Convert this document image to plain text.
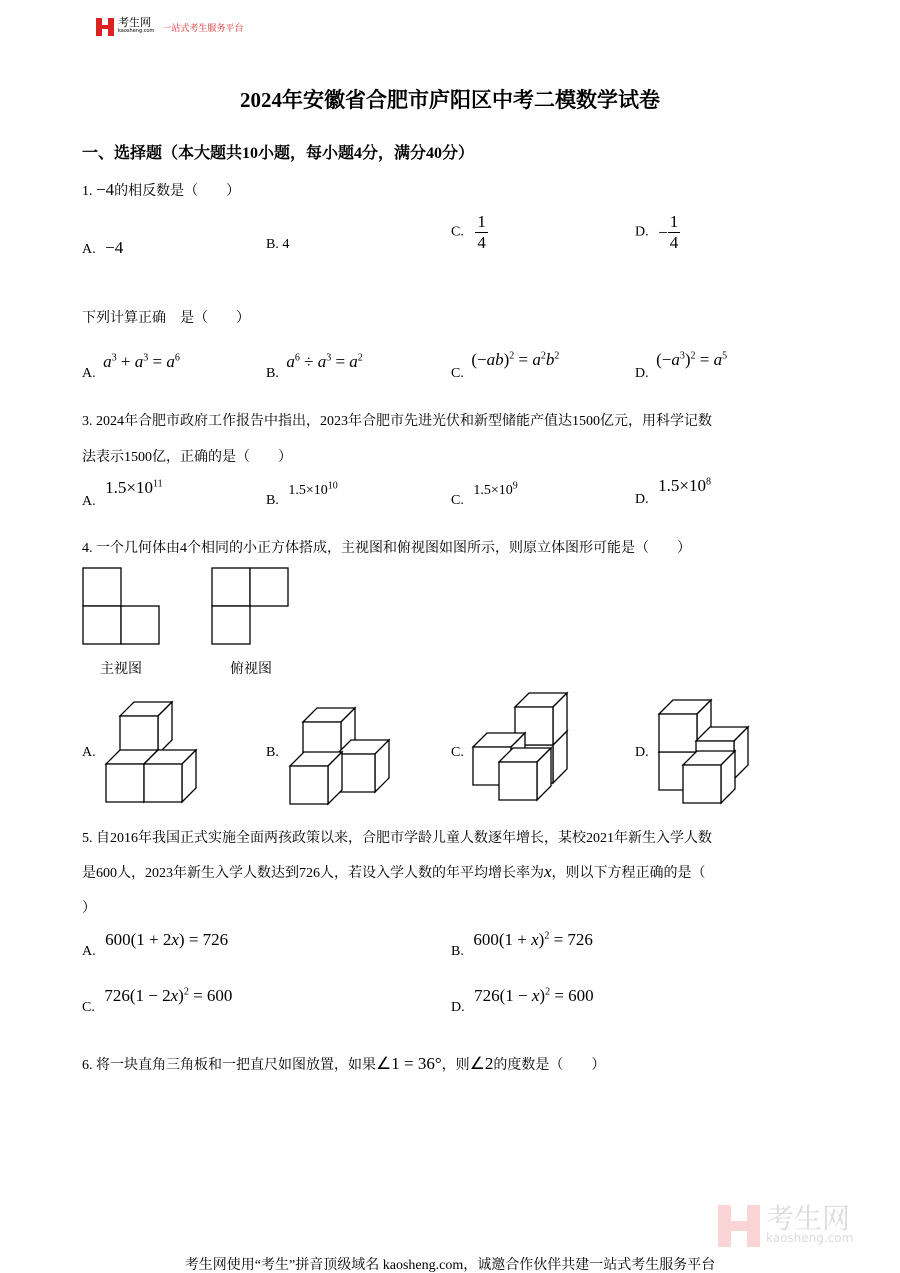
考生网
kaosheng.com 一站式考生服务平台
2024年安徽省合肥市庐阳区中考二模数学试卷
一、选择题（本大题共10小题，每小题4分，满分40分）
1. −4的相反数是（　　）
A. −4	B. 4
C. $\frac{1}{4}$	D. − $\frac{1}{4}$
下列计算正确　是（　　）
A. $a^3 + a^3 = a^6$
B. $a^6 \div a^3 = a^2$
C. $(-ab)^2 = a^2b^2$
D. $(-a^3)^2 = a^5$
3. 2024年合肥市政府工作报告中指出，2023年合肥市先进光伏和新型储能产值达1500亿元，用科学记数
法表示1500亿，正确的是（　　）
A. $1.5\times 10^{11}$
B. $1.5\times 10^{10}$
C. $1.5\times 10^9$
D. $1.5\times 10^8$
4. 一个几何体由4个相同的小正方体搭成，主视图和俯视图如图所示，则原立体图形可能是（　　）
主视图	俯视图
A.	B.	C.	D.
5. 自2016年我国正式实施全面两孩政策以来，合肥市学龄儿童人数逐年增长，某校2021年新生入学人数
是600人，2023年新生入学人数达到726人，若设入学人数的年平均增长率为x，则以下方程正确的是（
）
A. 600(1 + 2x) = 726
B. $600(1 + x)^2 = 726$
C. $726(1 - 2x)^2 = 600$
D. $726(1 - x)^2 = 600$
6. 将一块直角三角板和一把直尺如图放置，如果∠1 = 36°，则∠2的度数是（　　）
考生网
kaosheng.com
考生网使用“考生”拼音顶级域名 kaosheng.com，诚邀合作伙伴共建一站式考生服务平台
